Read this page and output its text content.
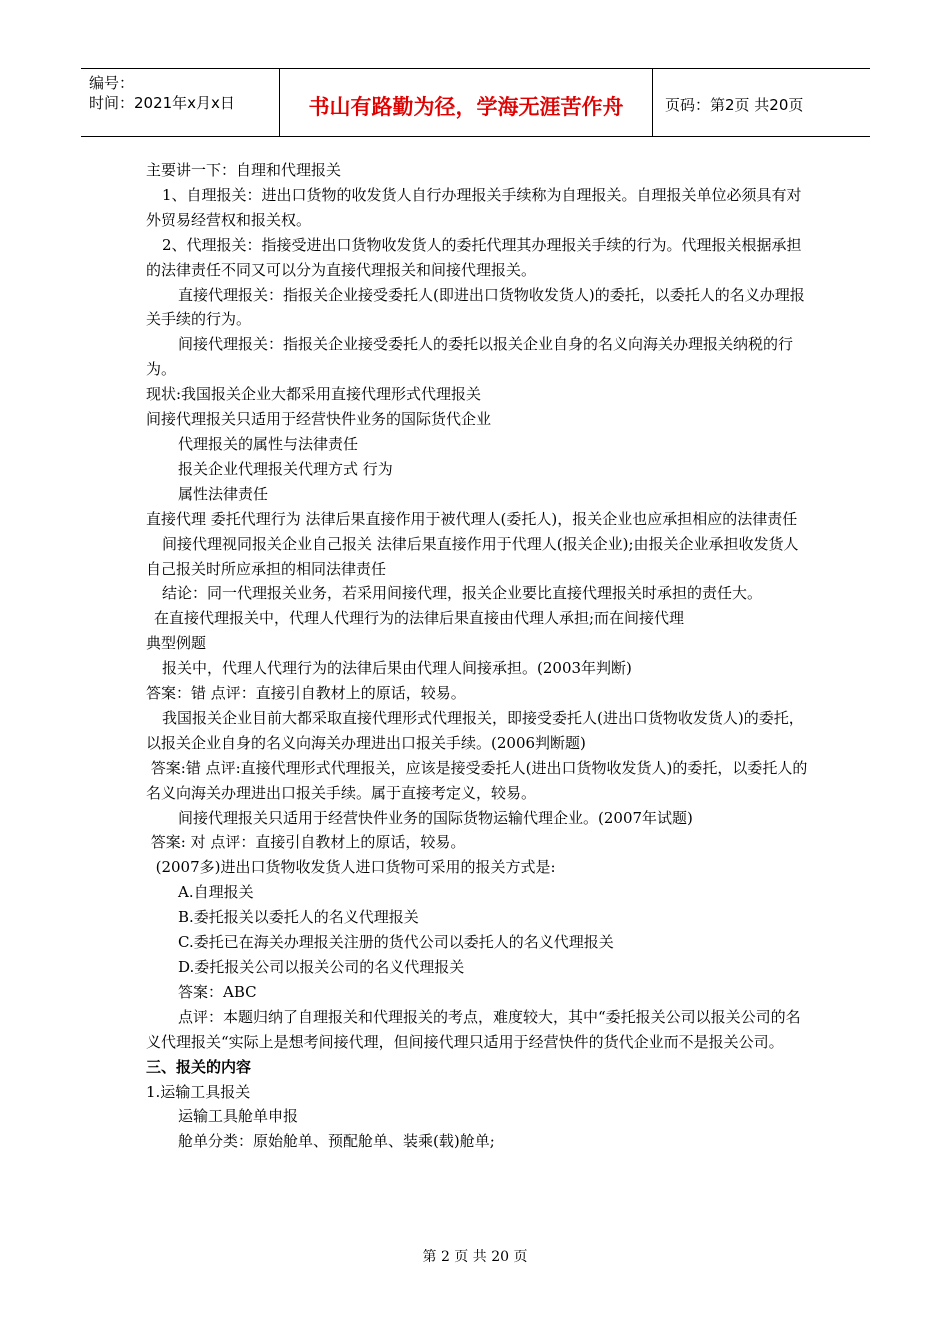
编号：
时间：2021年x月x日	书山有路勤为径，学海无涯苦作舟	页码：第2页 共20页

主要讲一下：自理和代理报关

1、自理报关：进出口货物的收发货人自行办理报关手续称为自理报关。自理报关单位必须具有对外贸易经营权和报关权。

2、代理报关：指接受进出口货物收发货人的委托代理其办理报关手续的行为。代理报关根据承担的法律责任不同又可以分为直接代理报关和间接代理报关。

直接代理报关：指报关企业接受委托人(即进出口货物收发货人)的委托，以委托人的名义办理报关手续的行为。

间接代理报关：指报关企业接受委托人的委托以报关企业自身的名义向海关办理报关纳税的行为。

现状:我国报关企业大都采用直接代理形式代理报关

间接代理报关只适用于经营快件业务的国际货代企业

代理报关的属性与法律责任

报关企业代理报关代理方式 行为

属性法律责任

直接代理 委托代理行为 法律后果直接作用于被代理人(委托人)，报关企业也应承担相应的法律责任

间接代理视同报关企业自己报关 法律后果直接作用于代理人(报关企业);由报关企业承担收发货人自己报关时所应承担的相同法律责任

结论：同一代理报关业务，若采用间接代理，报关企业要比直接代理报关时承担的责任大。

在直接代理报关中，代理人代理行为的法律后果直接由代理人承担;而在间接代理

典型例题

报关中，代理人代理行为的法律后果由代理人间接承担。(2003年判断)

答案：错 点评：直接引自教材上的原话，较易。

我国报关企业目前大都采取直接代理形式代理报关，即接受委托人(进出口货物收发货人)的委托，以报关企业自身的名义向海关办理进出口报关手续。(2006判断题)

答案:错 点评:直接代理形式代理报关，应该是接受委托人(进出口货物收发货人)的委托，以委托人的名义向海关办理进出口报关手续。属于直接考定义，较易。

间接代理报关只适用于经营快件业务的国际货物运输代理企业。(2007年试题)

答案: 对 点评：直接引自教材上的原话，较易。

(2007多)进出口货物收发货人进口货物可采用的报关方式是:

A.自理报关

B.委托报关以委托人的名义代理报关

C.委托已在海关办理报关注册的货代公司以委托人的名义代理报关

D.委托报关公司以报关公司的名义代理报关

答案：ABC

点评：本题归纳了自理报关和代理报关的考点，难度较大，其中“委托报关公司以报关公司的名义代理报关“实际上是想考间接代理，但间接代理只适用于经营快件的货代企业而不是报关公司。

三、报关的内容

1.运输工具报关

运输工具舱单申报

舱单分类：原始舱单、预配舱单、装乘(载)舱单;

第 2 页 共 20 页
